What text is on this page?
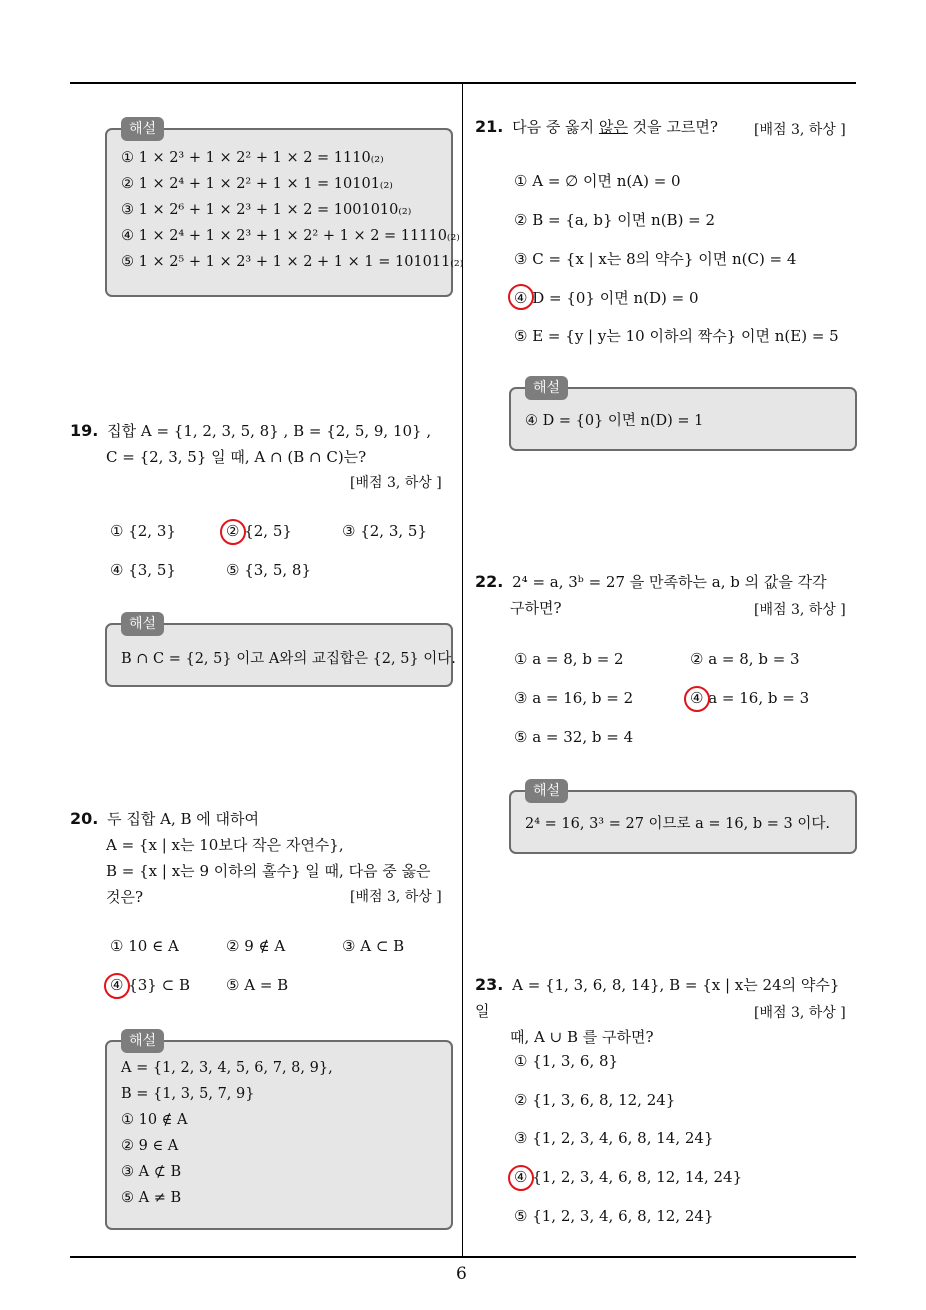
해설
① 1 × 2³ + 1 × 2² + 1 × 2 = 1110₍₂₎
② 1 × 2⁴ + 1 × 2² + 1 × 1 = 10101₍₂₎
③ 1 × 2⁶ + 1 × 2³ + 1 × 2 = 1001010₍₂₎
④ 1 × 2⁴ + 1 × 2³ + 1 × 2² + 1 × 2 = 11110₍₂₎
⑤ 1 × 2⁵ + 1 × 2³ + 1 × 2 + 1 × 1 = 101011₍₂₎
19. 집합 A = {1, 2, 3, 5, 8} , B = {2, 5, 9, 10} ,
C = {2, 3, 5} 일 때, A ∩ (B ∩ C)는?
[배점 3, 하상 ]
① {2, 3}	② {2, 5}	③ {2, 3, 5}
④ {3, 5}	⑤ {3, 5, 8}
해설
B ∩ C = {2, 5} 이고 A와의 교집합은 {2, 5} 이다.
20. 두 집합 A, B 에 대하여
A = {x | x는 10보다 작은 자연수},
B = {x | x는 9 이하의 홀수} 일 때, 다음 중 옳은
것은?	[배점 3, 하상 ]
① 10 ∈ A	② 9 ∉ A	③ A ⊂ B
④ {3} ⊂ B ⑤ A = B
해설
A = {1, 2, 3, 4, 5, 6, 7, 8, 9},
B = {1, 3, 5, 7, 9}
① 10 ∉ A
② 9 ∈ A
③ A ⊄ B
⑤ A ≠ B
21. 다음 중 옳지 않은 것을 고르면?	[배점 3, 하상 ]
① A = ∅ 이면 n(A) = 0
② B = {a, b} 이면 n(B) = 2
③ C = {x | x는 8의 약수} 이면 n(C) = 4
④ D = {0} 이면 n(D) = 0
⑤ E = {y | y는 10 이하의 짝수} 이면 n(E) = 5
해설
④ D = {0} 이면 n(D) = 1
22. 2⁴ = a, 3ᵇ = 27 을 만족하는 a, b 의 값을 각각
구하면?	[배점 3, 하상 ]
① a = 8, b = 2	② a = 8, b = 3
③ a = 16, b = 2	④ a = 16, b = 3
⑤ a = 32, b = 4
해설
2⁴ = 16, 3³ = 27 이므로 a = 16, b = 3 이다.
23. A = {1, 3, 6, 8, 14}, B = {x | x는 24의 약수} 일
때, A ∪ B 를 구하면?
[배점 3, 하상 ]
① {1, 3, 6, 8}
② {1, 3, 6, 8, 12, 24}
③ {1, 2, 3, 4, 6, 8, 14, 24}
④ {1, 2, 3, 4, 6, 8, 12, 14, 24}
⑤ {1, 2, 3, 4, 6, 8, 12, 24}
6
